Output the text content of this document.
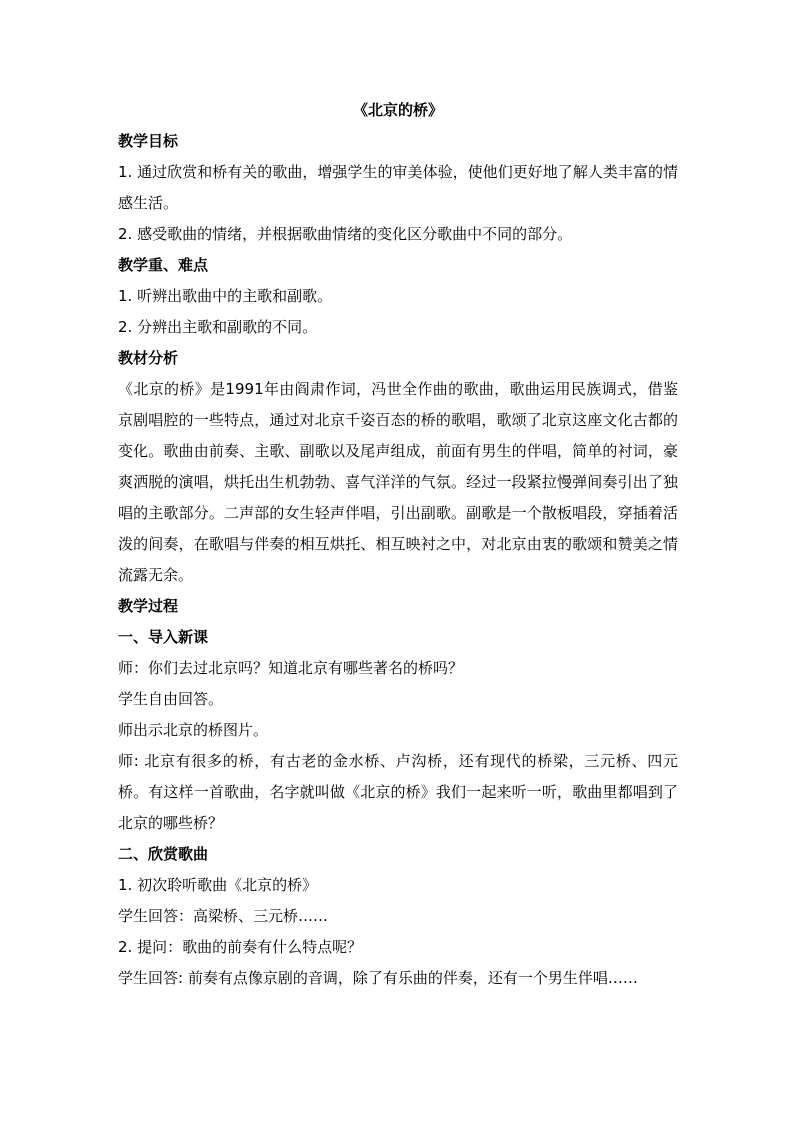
《北京的桥》

教学目标

1. 通过欣赏和桥有关的歌曲，增强学生的审美体验，使他们更好地了解人类丰富的情感生活。

2. 感受歌曲的情绪，并根据歌曲情绪的变化区分歌曲中不同的部分。

教学重、难点

1. 听辨出歌曲中的主歌和副歌。

2. 分辨出主歌和副歌的不同。

教材分析

《北京的桥》是1991年由阎肃作词，冯世全作曲的歌曲，歌曲运用民族调式，借鉴京剧唱腔的一些特点，通过对北京千姿百态的桥的歌唱，歌颂了北京这座文化古都的变化。歌曲由前奏、主歌、副歌以及尾声组成，前面有男生的伴唱，简单的衬词，豪爽洒脱的演唱，烘托出生机勃勃、喜气洋洋的气氛。经过一段紧拉慢弹间奏引出了独唱的主歌部分。二声部的女生轻声伴唱，引出副歌。副歌是一个散板唱段，穿插着活泼的间奏，在歌唱与伴奏的相互烘托、相互映衬之中，对北京由衷的歌颂和赞美之情流露无余。

教学过程

一、导入新课

师：你们去过北京吗？知道北京有哪些著名的桥吗？

学生自由回答。

师出示北京的桥图片。

师: 北京有很多的桥，有古老的金水桥、卢沟桥，还有现代的桥梁，三元桥、四元桥。有这样一首歌曲，名字就叫做《北京的桥》我们一起来听一听，歌曲里都唱到了北京的哪些桥？

二、欣赏歌曲

1. 初次聆听歌曲《北京的桥》

学生回答：高梁桥、三元桥……

2. 提问：歌曲的前奏有什么特点呢？

学生回答: 前奏有点像京剧的音调，除了有乐曲的伴奏，还有一个男生伴唱……
